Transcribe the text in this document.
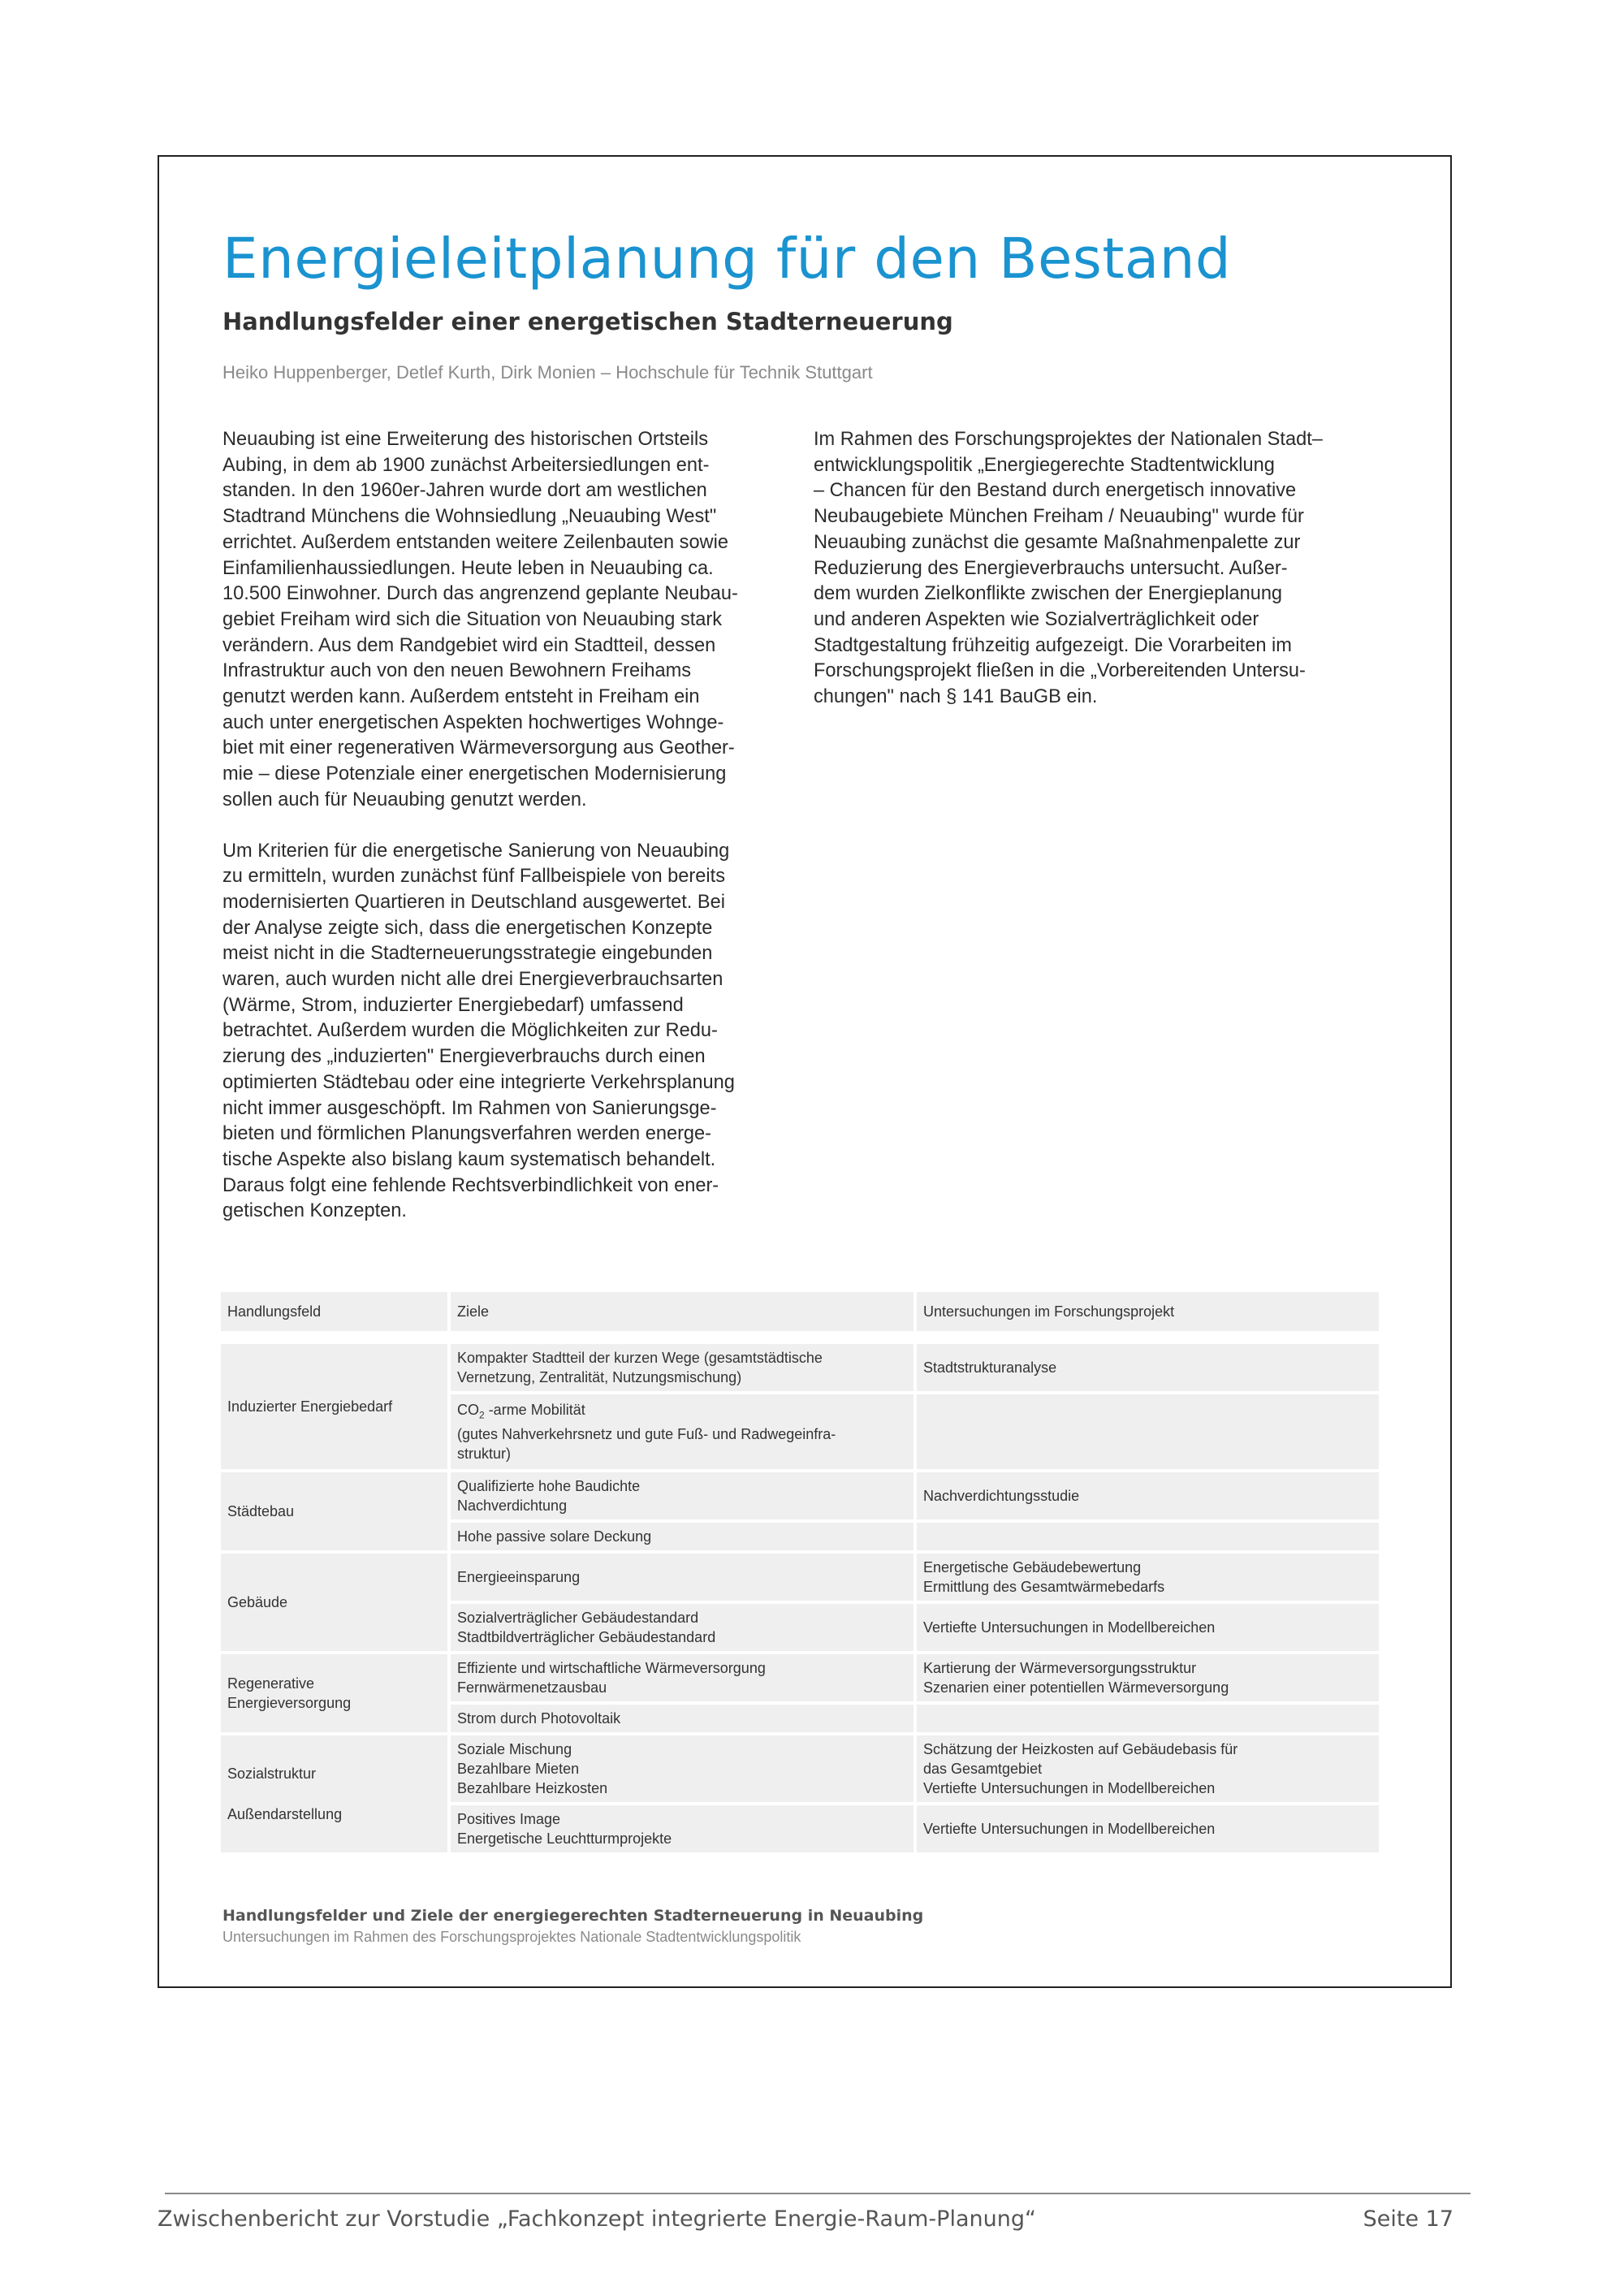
Energieleitplanung für den Bestand
Handlungsfelder einer energetischen Stadterneuerung
Heiko Huppenberger, Detlef Kurth, Dirk Monien – Hochschule für Technik Stuttgart

Neuaubing ist eine Erweiterung des historischen Ortsteils

Aubing, in dem ab 1900 zunächst Arbeitersiedlungen ent-

standen. In den 1960er-Jahren wurde dort am westlichen

Stadtrand Münchens die Wohnsiedlung „Neuaubing West"

errichtet. Außerdem entstanden weitere Zeilenbauten sowie

Einfamilienhaussiedlungen. Heute leben in Neuaubing ca.

10.500 Einwohner. Durch das angrenzend geplante Neubau-

gebiet Freiham wird sich die Situation von Neuaubing stark

verändern. Aus dem Randgebiet wird ein Stadtteil, dessen

Infrastruktur auch von den neuen Bewohnern Freihams

genutzt werden kann. Außerdem entsteht in Freiham ein

auch unter energetischen Aspekten hochwertiges Wohnge-

biet mit einer regenerativen Wärmeversorgung aus Geother-

mie – diese Potenziale einer energetischen Modernisierung

sollen auch für Neuaubing genutzt werden.

Um Kriterien für die energetische Sanierung von Neuaubing

zu ermitteln, wurden zunächst fünf Fallbeispiele von bereits

modernisierten Quartieren in Deutschland ausgewertet. Bei

der Analyse zeigte sich, dass die energetischen Konzepte

meist nicht in die Stadterneuerungsstrategie eingebunden

waren, auch wurden nicht alle drei Energieverbrauchsarten

(Wärme, Strom, induzierter Energiebedarf) umfassend

betrachtet. Außerdem wurden die Möglichkeiten zur Redu-

zierung des „induzierten" Energieverbrauchs durch einen

optimierten Städtebau oder eine integrierte Verkehrsplanung

nicht immer ausgeschöpft. Im Rahmen von Sanierungsge-

bieten und förmlichen Planungsverfahren werden energe-

tische Aspekte also bislang kaum systematisch behandelt.

Daraus folgt eine fehlende Rechtsverbindlichkeit von ener-

getischen Konzepten.

Im Rahmen des Forschungsprojektes der Nationalen Stadt–

entwicklungspolitik „Energiegerechte Stadtentwicklung

– Chancen für den Bestand durch energetisch innovative

Neubaugebiete München Freiham / Neuaubing" wurde für

Neuaubing zunächst die gesamte Maßnahmenpalette zur

Reduzierung des Energieverbrauchs untersucht. Außer-

dem wurden Zielkonflikte zwischen der Energieplanung

und anderen Aspekten wie Sozialverträglichkeit oder

Stadtgestaltung frühzeitig aufgezeigt. Die Vorarbeiten im

Forschungsprojekt fließen in die „Vorbereitenden Untersu-

chungen" nach § 141 BauGB ein.

Handlungsfeld	Ziele	Untersuchungen im Forschungsprojekt

Induzierter Energiebedarf	Kompakter Stadtteil der kurzen Wege (gesamtstädtische
Vernetzung, Zentralität, Nutzungsmischung)	Stadtstrukturanalyse

	$CO_2$ -arme Mobilität
(gutes Nahverkehrsnetz und gute Fuß- und Radwegeinfra-
struktur)	

Städtebau	Qualifizierte hohe Baudichte
Nachverdichtung	Nachverdichtungsstudie

	Hohe passive solare Deckung	

Gebäude	Energieeinsparung	Energetische Gebäudebewertung
Ermittlung des Gesamtwärmebedarfs

	Sozialverträglicher Gebäudestandard
Stadtbildverträglicher Gebäudestandard	Vertiefte Untersuchungen in Modellbereichen

Regenerative
Energieversorgung	Effiziente und wirtschaftliche Wärmeversorgung
Fernwärmenetzausbau	Kartierung der Wärmeversorgungsstruktur
Szenarien einer potentiellen Wärmeversorgung

	Strom durch Photovoltaik	

Sozialstruktur
Außendarstellung	Soziale Mischung
Bezahlbare Mieten
Bezahlbare Heizkosten	Schätzung der Heizkosten auf Gebäudebasis für
das Gesamtgebiet
Vertiefte Untersuchungen in Modellbereichen

	Positives Image
Energetische Leuchtturmprojekte	Vertiefte Untersuchungen in Modellbereichen
Handlungsfelder und Ziele der energiegerechten Stadterneuerung in Neuaubing
Untersuchungen im Rahmen des Forschungsprojektes Nationale Stadtentwicklungspolitik
Zwischenbericht zur Vorstudie „Fachkonzept integrierte Energie-Raum-Planung“	Seite 17
